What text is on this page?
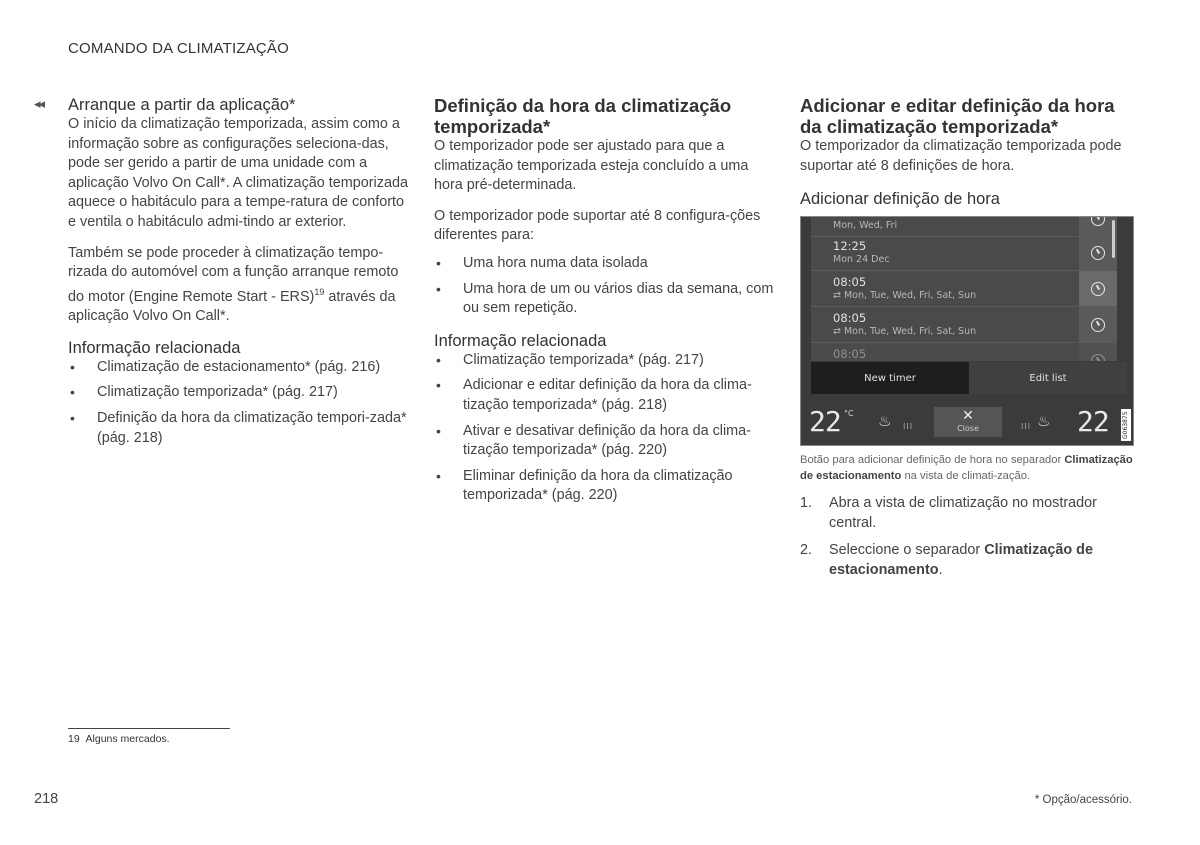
COMANDO DA CLIMATIZAÇÃO
◂◂ Arranque a partir da aplicação*

O início da climatização temporizada, assim como a informação sobre as configurações seleciona-das, pode ser gerido a partir de uma unidade com a aplicação Volvo On Call*. A climatização temporizada aquece o habitáculo para a tempe-ratura de conforto e ventila o habitáculo admi-tindo ar exterior.

Também se pode proceder à climatização tempo-rizada do automóvel com a função arranque remoto do motor (Engine Remote Start - ERS)$^{19}$ através da aplicação Volvo On Call*.

Informação relacionada
• Climatização de estacionamento* (pág. 216)
• Climatização temporizada* (pág. 217)
• Definição da hora da climatização tempori-zada* (pág. 218)
Definição da hora da climatização temporizada*

O temporizador pode ser ajustado para que a climatização temporizada esteja concluído a uma hora pré-determinada.

O temporizador pode suportar até 8 configura-ções diferentes para:

• Uma hora numa data isolada
• Uma hora de um ou vários dias da semana, com ou sem repetição.
Informação relacionada
• Climatização temporizada* (pág. 217)
• Adicionar e editar definição da hora da clima-tização temporizada* (pág. 218)
• Ativar e desativar definição da hora da clima-tização temporizada* (pág. 220)
• Eliminar definição da hora da climatização temporizada* (pág. 220)
Adicionar e editar definição da hora da climatização temporizada*

O temporizador da climatização temporizada pode suportar até 8 definições de hora.

Adicionar definição de hora
Mon, Wed, Fri
12:25
Mon 24 Dec
08:05
⇄ Mon, Tue, Wed, Fri, Sat, Sun
08:05
⇄ Mon, Tue, Wed, Fri, Sat, Sun
08:05
New timer	Edit list
22 °C ♨ III
✕
Close	III ♨ 22 G063875
Botão para adicionar definição de hora no separador Climatização de estacionamento na vista de climati-zação.
1. Abra a vista de climatização no mostrador central.
2. Seleccione o separador Climatização de estacionamento.
19 Alguns mercados.
218	* Opção/acessório.
